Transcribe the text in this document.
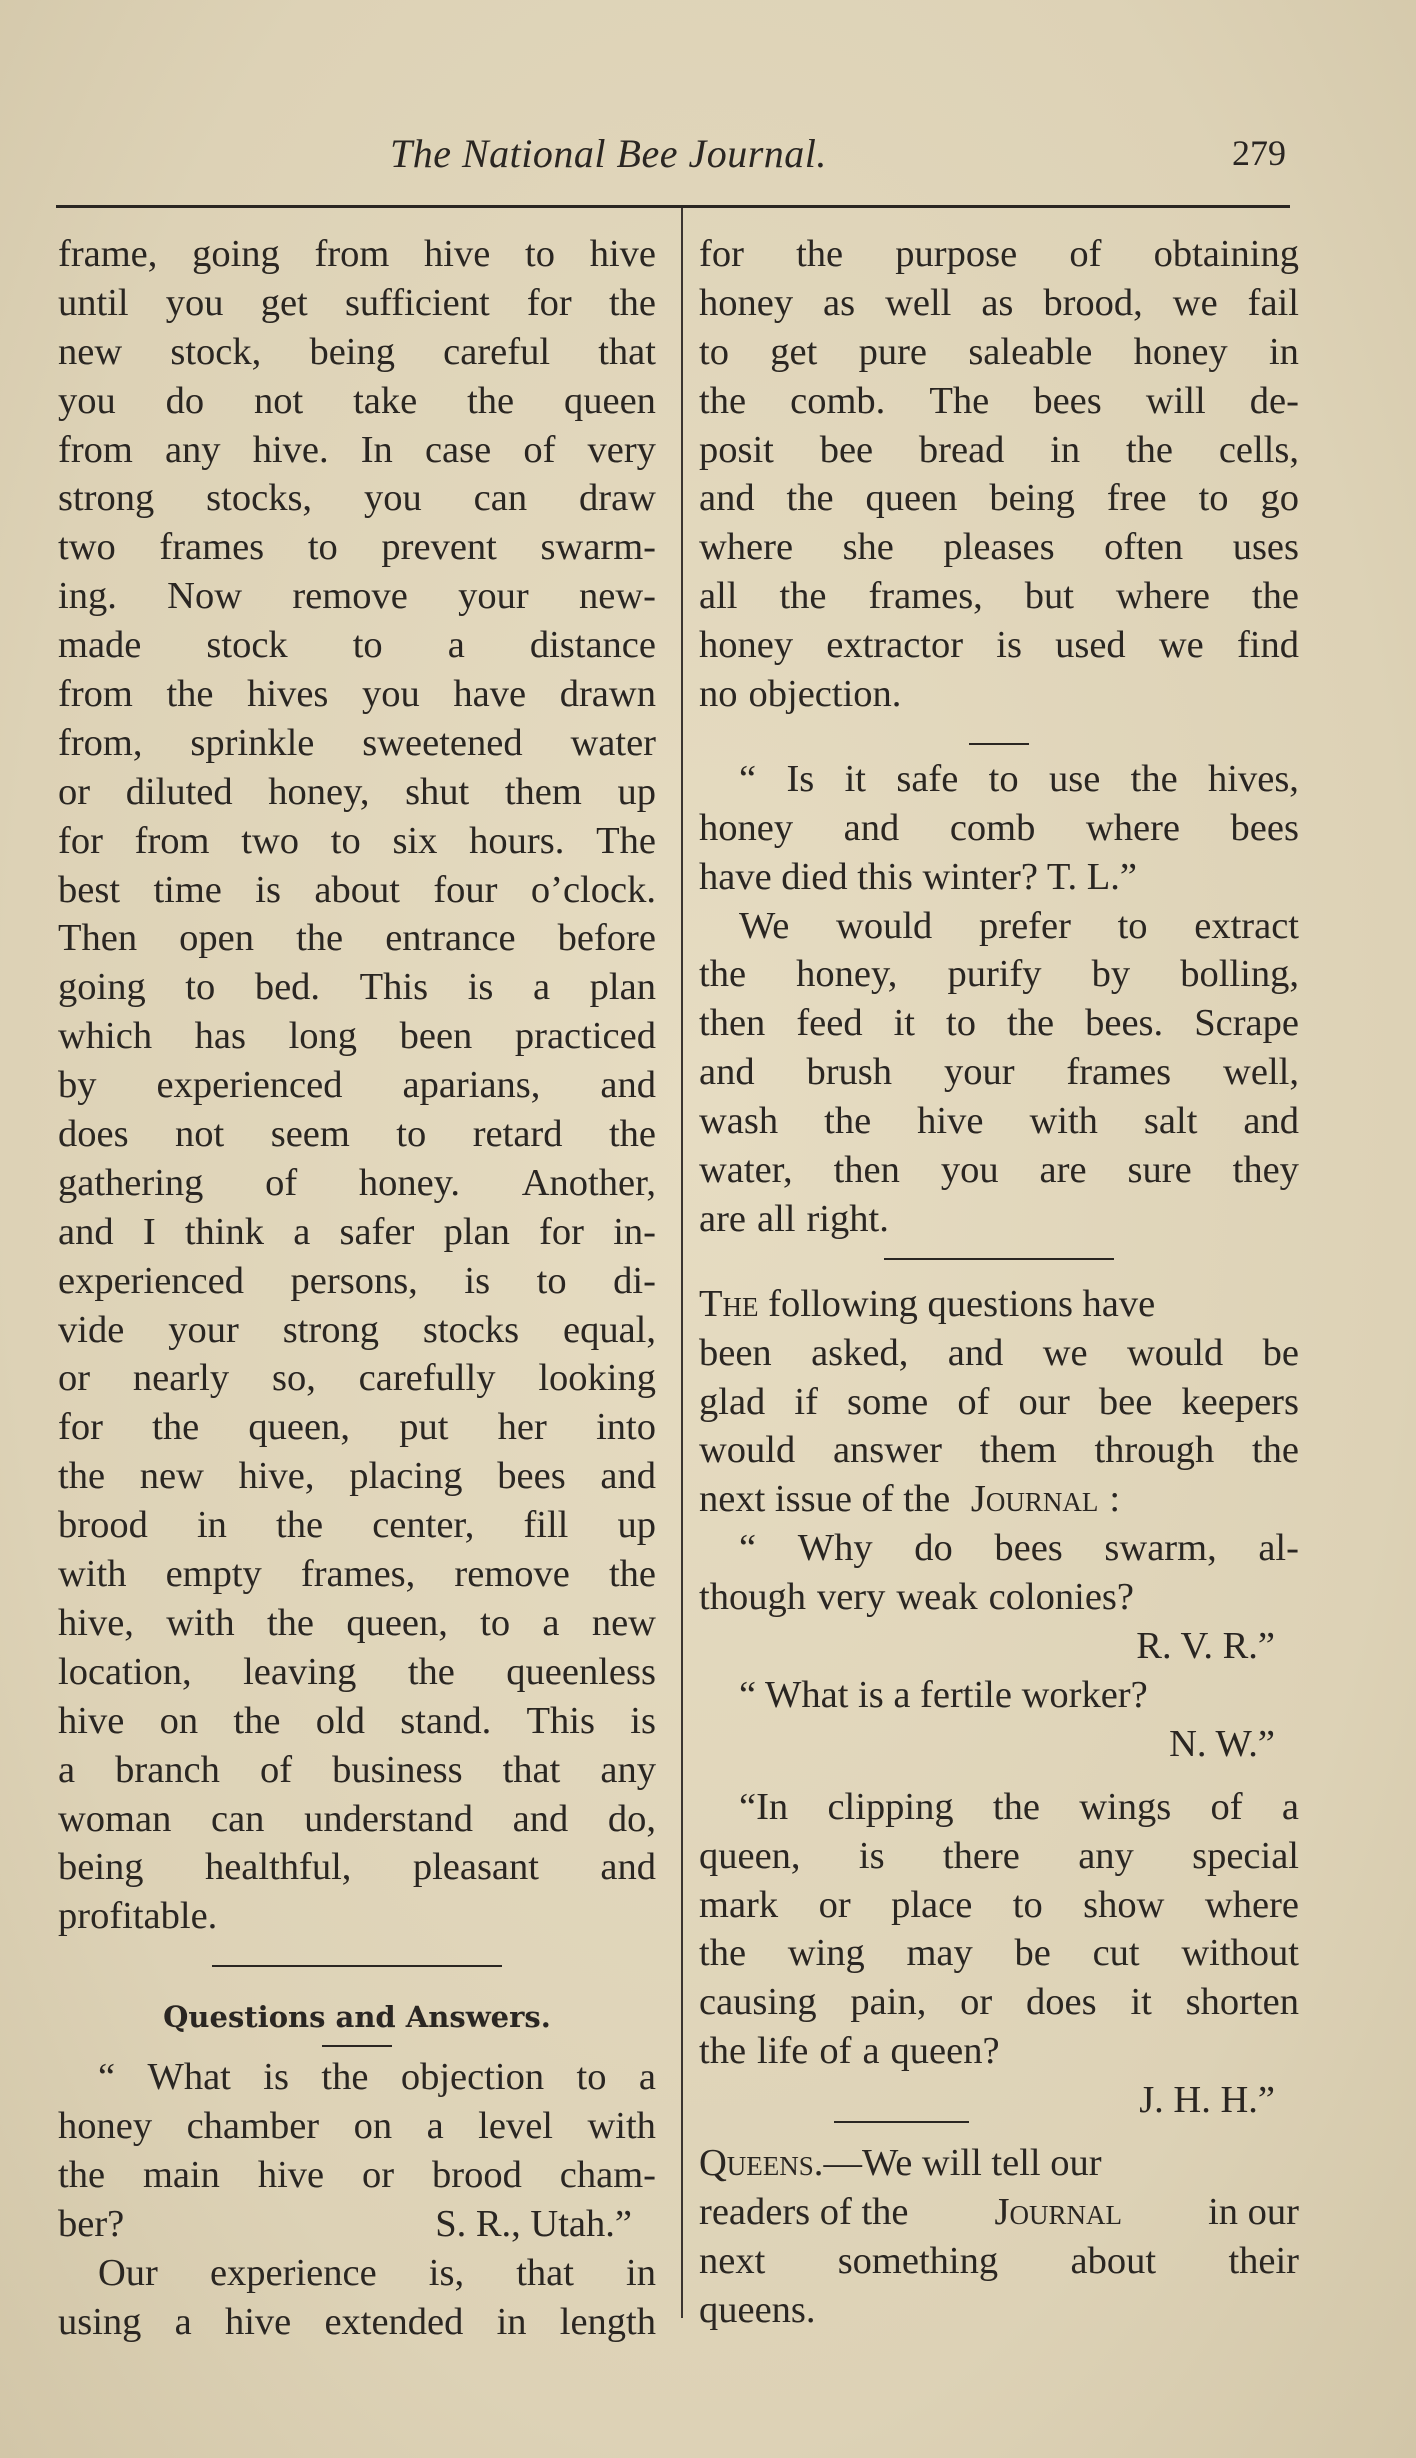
The National Bee Journal.	279
frame, going from hive to hive
until you get sufficient for the
new stock, being careful that
you do not take the queen
from any hive. In case of very
strong stocks, you can draw
two frames to prevent swarm-
ing. Now remove your new-
made stock to a distance
from the hives you have drawn
from, sprinkle sweetened water
or diluted honey, shut them up
for from two to six hours. The
best time is about four o’clock.
Then open the entrance before
going to bed. This is a plan
which has long been practiced
by experienced aparians, and
does not seem to retard the
gathering of honey. Another,
and I think a safer plan for in-
experienced persons, is to di-
vide your strong stocks equal,
or nearly so, carefully looking
for the queen, put her into
the new hive, placing bees and
brood in the center, fill up
with empty frames, remove the
hive, with the queen, to a new
location, leaving the queenless
hive on the old stand. This is
a branch of business that any
woman can understand and do,
being healthful, pleasant and
profitable.
Questions and Answers.
“ What is the objection to a
honey chamber on a level with
the main hive or brood cham-
ber?	S. R., Utah.”
Our experience is, that in
using a hive extended in length
for the purpose of obtaining
honey as well as brood, we fail
to get pure saleable honey in
the comb. The bees will de-
posit bee bread in the cells,
and the queen being free to go
where she pleases often uses
all the frames, but where the
honey extractor is used we find
no objection.
“ Is it safe to use the hives,
honey and comb where bees
have died this winter? T. L.”
We would prefer to extract
the honey, purify by bolling,
then feed it to the bees. Scrape
and brush your frames well,
wash the hive with salt and
water, then you are sure they
are all right.
The following questions have
been asked, and we would be
glad if some of our bee keepers
would answer them through the
next issue of the Journal :
“ Why do bees swarm, al-
though very weak colonies?
R. V. R.”
“ What is a fertile worker?
N. W.”
“In clipping the wings of a
queen, is there any special
mark or place to show where
the wing may be cut without
causing pain, or does it shorten
the life of a queen?
J. H. H.”
Queens. —We will tell our
readers of the Journal in our
next something about their
queens.
